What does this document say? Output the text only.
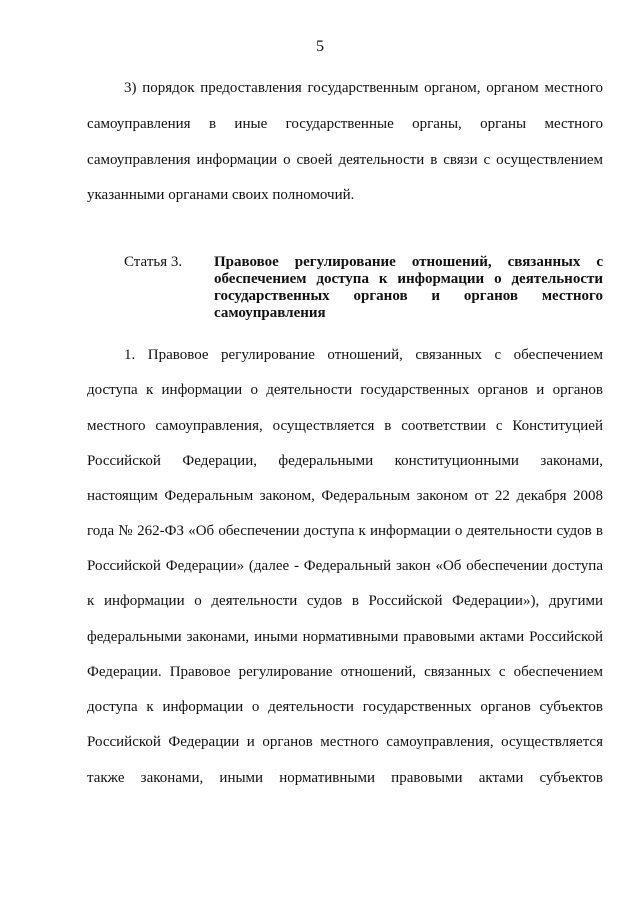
5
3) порядок предоставления государственным органом, органом местного
самоуправления в иные государственные органы, органы местного
самоуправления информации о своей деятельности в связи с осуществлением
указанными органами своих полномочий.
Статья 3. Правовое регулирование отношений, связанных с
обеспечением доступа к информации о деятельности
государственных органов и органов местного
самоуправления
1. Правовое регулирование отношений, связанных с обеспечением
доступа к информации о деятельности государственных органов и органов
местного самоуправления, осуществляется в соответствии с Конституцией
Российской Федерации, федеральными конституционными законами,
настоящим Федеральным законом, Федеральным законом от 22 декабря 2008
года № 262-ФЗ «Об обеспечении доступа к информации о деятельности судов в
Российской Федерации» (далее - Федеральный закон «Об обеспечении доступа
к информации о деятельности судов в Российской Федерации»), другими
федеральными законами, иными нормативными правовыми актами Российской
Федерации. Правовое регулирование отношений, связанных с обеспечением
доступа к информации о деятельности государственных органов субъектов
Российской Федерации и органов местного самоуправления, осуществляется
также законами, иными нормативными правовыми актами субъектов
